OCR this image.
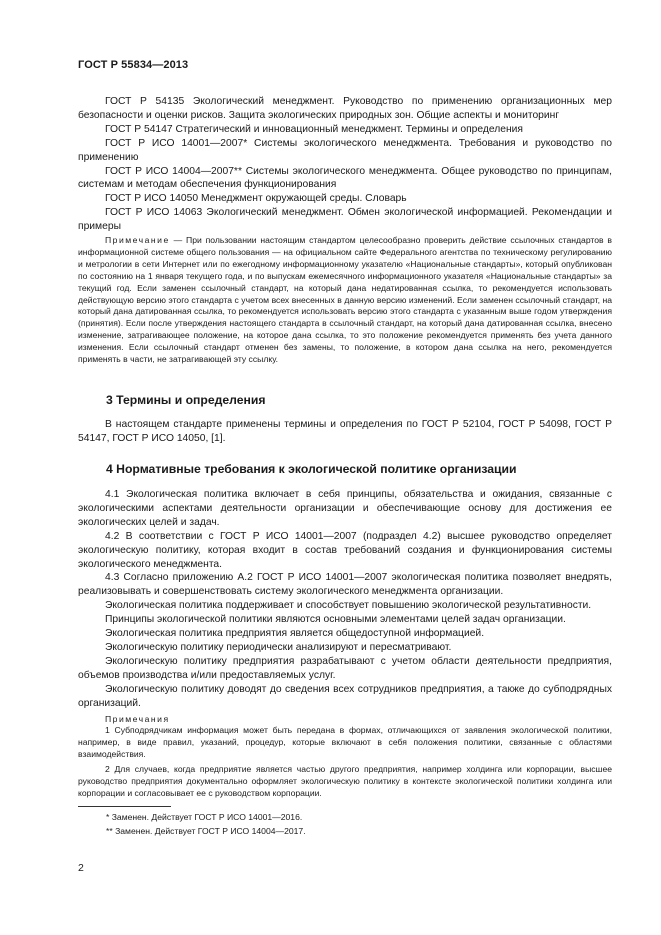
ГОСТ Р 55834—2013

ГОСТ Р 54135 Экологический менеджмент. Руководство по применению организационных мер безопасности и оценки рисков. Защита экологических природных зон. Общие аспекты и мониторинг

ГОСТ Р 54147 Стратегический и инновационный менеджмент. Термины и определения

ГОСТ Р ИСО 14001—2007* Системы экологического менеджмента. Требования и руководство по применению

ГОСТ Р ИСО 14004—2007** Системы экологического менеджмента. Общее руководство по принципам, системам и методам обеспечения функционирования

ГОСТ Р ИСО 14050 Менеджмент окружающей среды. Словарь

ГОСТ Р ИСО 14063 Экологический менеджмент. Обмен экологической информацией. Рекомендации и примеры

Примечание — При пользовании настоящим стандартом целесообразно проверить действие ссылочных стандартов в информационной системе общего пользования — на официальном сайте Федерального агентства по техническому регулированию и метрологии в сети Интернет или по ежегодному информационному указателю «Национальные стандарты», который опубликован по состоянию на 1 января текущего года, и по выпускам ежемесячного информационного указателя «Национальные стандарты» за текущий год. Если заменен ссылочный стандарт, на который дана недатированная ссылка, то рекомендуется использовать действующую версию этого стандарта с учетом всех внесенных в данную версию изменений. Если заменен ссылочный стандарт, на который дана датированная ссылка, то рекомендуется использовать версию этого стандарта с указанным выше годом утверждения (принятия). Если после утверждения настоящего стандарта в ссылочный стандарт, на который дана датированная ссылка, внесено изменение, затрагивающее положение, на которое дана ссылка, то это положение рекомендуется применять без учета данного изменения. Если ссылочный стандарт отменен без замены, то положение, в котором дана ссылка на него, рекомендуется применять в части, не затрагивающей эту ссылку.

3 Термины и определения

В настоящем стандарте применены термины и определения по ГОСТ Р 52104, ГОСТ Р 54098, ГОСТ Р 54147, ГОСТ Р ИСО 14050, [1].

4 Нормативные требования к экологической политике организации

4.1 Экологическая политика включает в себя принципы, обязательства и ожидания, связанные с экологическими аспектами деятельности организации и обеспечивающие основу для достижения ее экологических целей и задач.

4.2 В соответствии с ГОСТ Р ИСО 14001—2007 (подраздел 4.2) высшее руководство определяет экологическую политику, которая входит в состав требований создания и функционирования системы экологического менеджмента.

4.3 Согласно приложению А.2 ГОСТ Р ИСО 14001—2007 экологическая политика позволяет внедрять, реализовывать и совершенствовать систему экологического менеджмента организации.

Экологическая политика поддерживает и способствует повышению экологической результативности.

Принципы экологической политики являются основными элементами целей задач организации.

Экологическая политика предприятия является общедоступной информацией.

Экологическую политику периодически анализируют и пересматривают.

Экологическую политику предприятия разрабатывают с учетом области деятельности предприятия, объемов производства и/или предоставляемых услуг.

Экологическую политику доводят до сведения всех сотрудников предприятия, а также до субподрядных организаций.

Примечания

1 Субподрядчикам информация может быть передана в формах, отличающихся от заявления экологической политики, например, в виде правил, указаний, процедур, которые включают в себя положения политики, связанные с областями взаимодействия.

2 Для случаев, когда предприятие является частью другого предприятия, например холдинга или корпорации, высшее руководство предприятия документально оформляет экологическую политику в контексте экологической политики холдинга или корпорации и согласовывает ее с руководством корпорации.

* Заменен. Действует ГОСТ Р ИСО 14001—2016.
** Заменен. Действует ГОСТ Р ИСО 14004—2017.
2
